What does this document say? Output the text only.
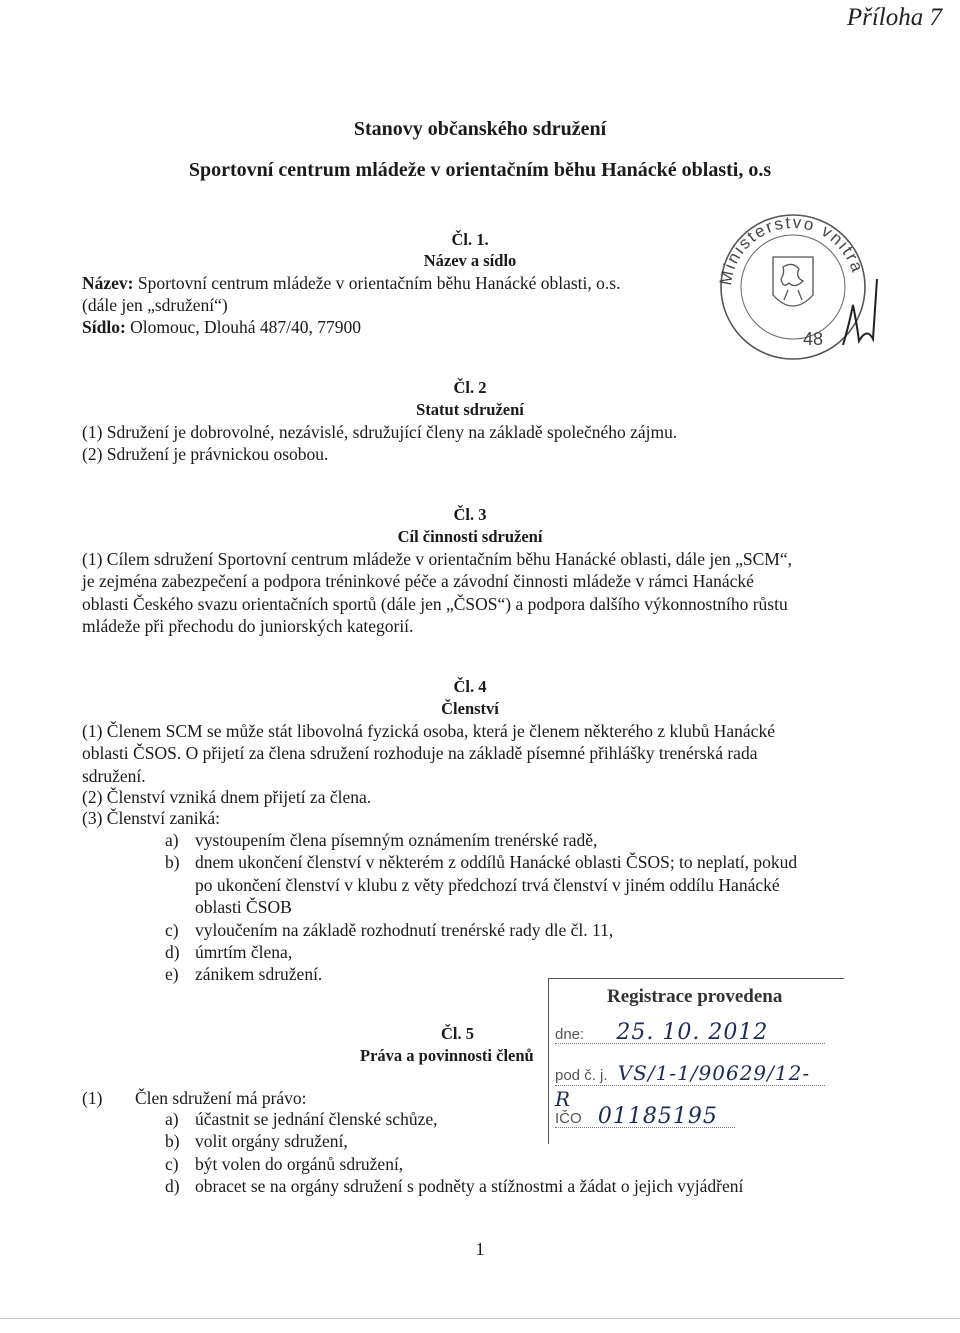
Příloha 7
Stanovy občanského sdružení
Sportovní centrum mládeže v orientačním běhu Hanácké oblasti, o.s
Čl. 1.
Název a sídlo
Název: Sportovní centrum mládeže v orientačním běhu Hanácké oblasti, o.s.
(dále jen „sdružení“)
Sídlo: Olomouc, Dlouhá 487/40, 77900
Ministerstvo vnitra
48
Čl. 2
Statut sdružení
(1) Sdružení je dobrovolné, nezávislé, sdružující členy na základě společného zájmu.
(2) Sdružení je právnickou osobou.
Čl. 3
Cíl činnosti sdružení
(1) Cílem sdružení Sportovní centrum mládeže v orientačním běhu Hanácké oblasti, dále jen „SCM“, je zejména zabezpečení a podpora tréninkové péče a závodní činnosti mládeže v rámci Hanácké oblasti Českého svazu orientačních sportů (dále jen „ČSOS“) a podpora dalšího výkonnostního růstu mládeže při přechodu do juniorských kategorií.
Čl. 4
Členství
(1) Členem SCM se může stát libovolná fyzická osoba, která je členem některého z klubů Hanácké oblasti ČSOS. O přijetí za člena sdružení rozhoduje na základě písemné přihlášky trenérská rada sdružení.
(2) Členství vzniká dnem přijetí za člena.
(3) Členství zaniká:
a) vystoupením člena písemným oznámením trenérské radě,
b) dnem ukončení členství v některém z oddílů Hanácké oblasti ČSOS; to neplatí, pokud po ukončení členství v klubu z věty předchozí trvá členství v jiném oddílu Hanácké oblasti ČSOB
c) vyloučením na základě rozhodnutí trenérské rady dle čl. 11,
d) úmrtím člena,
e) zánikem sdružení.
Registrace provedena
dne: 25. 10. 2012
pod č. j. VS/1-1/90629/12-R
IČO 01185195
Čl. 5
Práva a povinnosti členů
(1) Člen sdružení má právo:
a) účastnit se jednání členské schůze,
b) volit orgány sdružení,
c) být volen do orgánů sdružení,
d) obracet se na orgány sdružení s podněty a stížnostmi a žádat o jejich vyjádření
1
